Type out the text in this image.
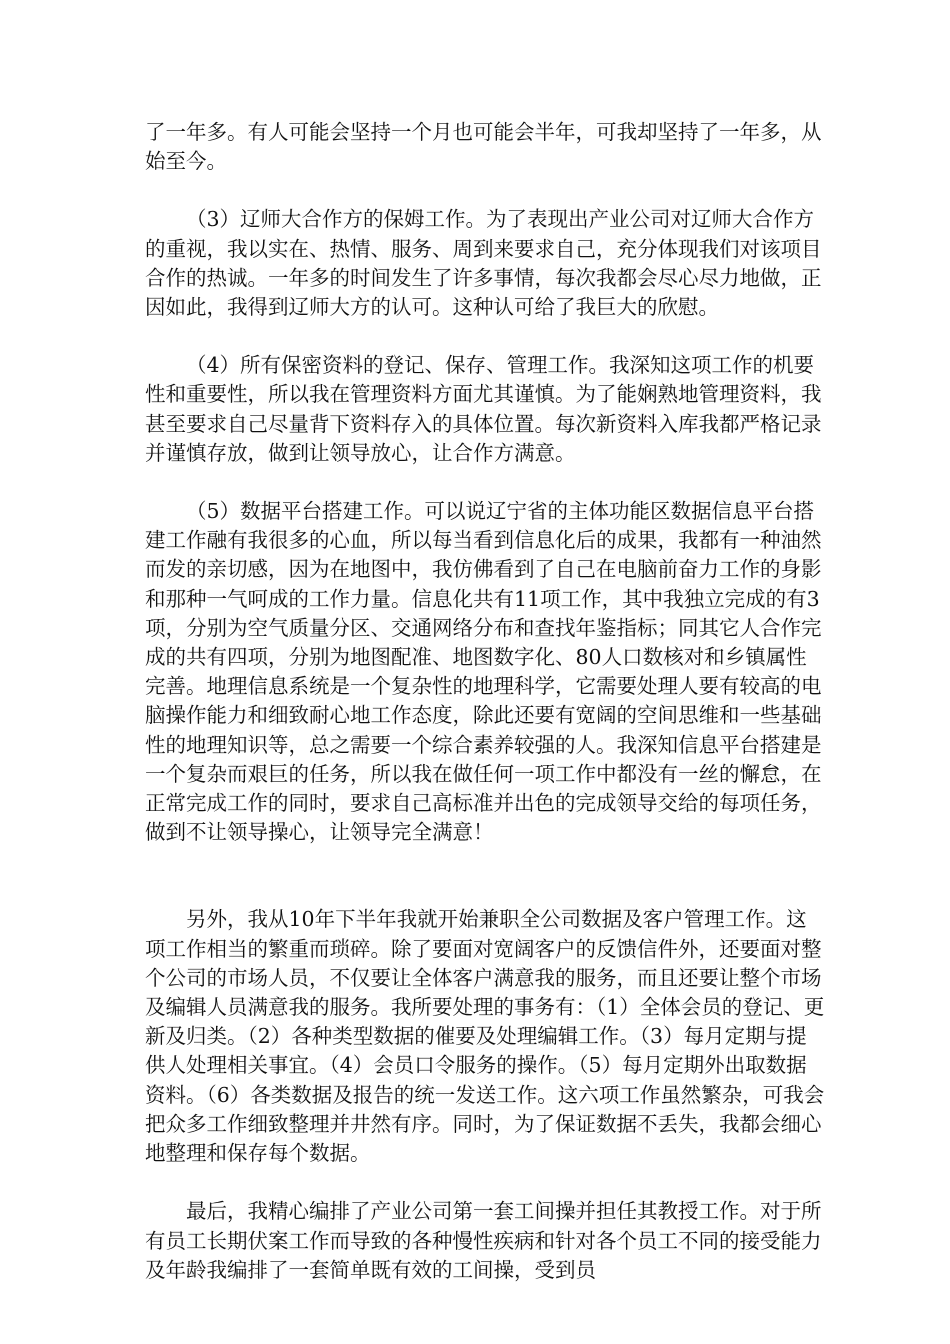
了一年多。有人可能会坚持一个月也可能会半年，可我却坚持了一年多，从始至今。

（3）辽师大合作方的保姆工作。为了表现出产业公司对辽师大合作方的重视，我以实在、热情、服务、周到来要求自己，充分体现我们对该项目合作的热诚。一年多的时间发生了许多事情，每次我都会尽心尽力地做，正因如此，我得到辽师大方的认可。这种认可给了我巨大的欣慰。

（4）所有保密资料的登记、保存、管理工作。我深知这项工作的机要性和重要性，所以我在管理资料方面尤其谨慎。为了能娴熟地管理资料，我甚至要求自己尽量背下资料存入的具体位置。每次新资料入库我都严格记录并谨慎存放，做到让领导放心，让合作方满意。

（5）数据平台搭建工作。可以说辽宁省的主体功能区数据信息平台搭建工作融有我很多的心血，所以每当看到信息化后的成果，我都有一种油然而发的亲切感，因为在地图中，我仿佛看到了自己在电脑前奋力工作的身影和那种一气呵成的工作力量。信息化共有11项工作，其中我独立完成的有3项，分别为空气质量分区、交通网络分布和查找年鉴指标；同其它人合作完成的共有四项，分别为地图配准、地图数字化、80人口数核对和乡镇属性完善。地理信息系统是一个复杂性的地理科学，它需要处理人要有较高的电脑操作能力和细致耐心地工作态度，除此还要有宽阔的空间思维和一些基础性的地理知识等，总之需要一个综合素养较强的人。我深知信息平台搭建是一个复杂而艰巨的任务，所以我在做任何一项工作中都没有一丝的懈怠，在正常完成工作的同时，要求自己高标准并出色的完成领导交给的每项任务，做到不让领导操心，让领导完全满意！

另外，我从10年下半年我就开始兼职全公司数据及客户管理工作。这项工作相当的繁重而琐碎。除了要面对宽阔客户的反馈信件外，还要面对整个公司的市场人员，不仅要让全体客户满意我的服务，而且还要让整个市场及编辑人员满意我的服务。我所要处理的事务有：（1）全体会员的登记、更新及归类。（2）各种类型数据的催要及处理编辑工作。（3）每月定期与提供人处理相关事宜。（4）会员口令服务的操作。（5）每月定期外出取数据资料。（6）各类数据及报告的统一发送工作。这六项工作虽然繁杂，可我会把众多工作细致整理并井然有序。同时，为了保证数据不丢失，我都会细心地整理和保存每个数据。

最后，我精心编排了产业公司第一套工间操并担任其教授工作。对于所有员工长期伏案工作而导致的各种慢性疾病和针对各个员工不同的接受能力及年龄我编排了一套简单既有效的工间操，受到员
